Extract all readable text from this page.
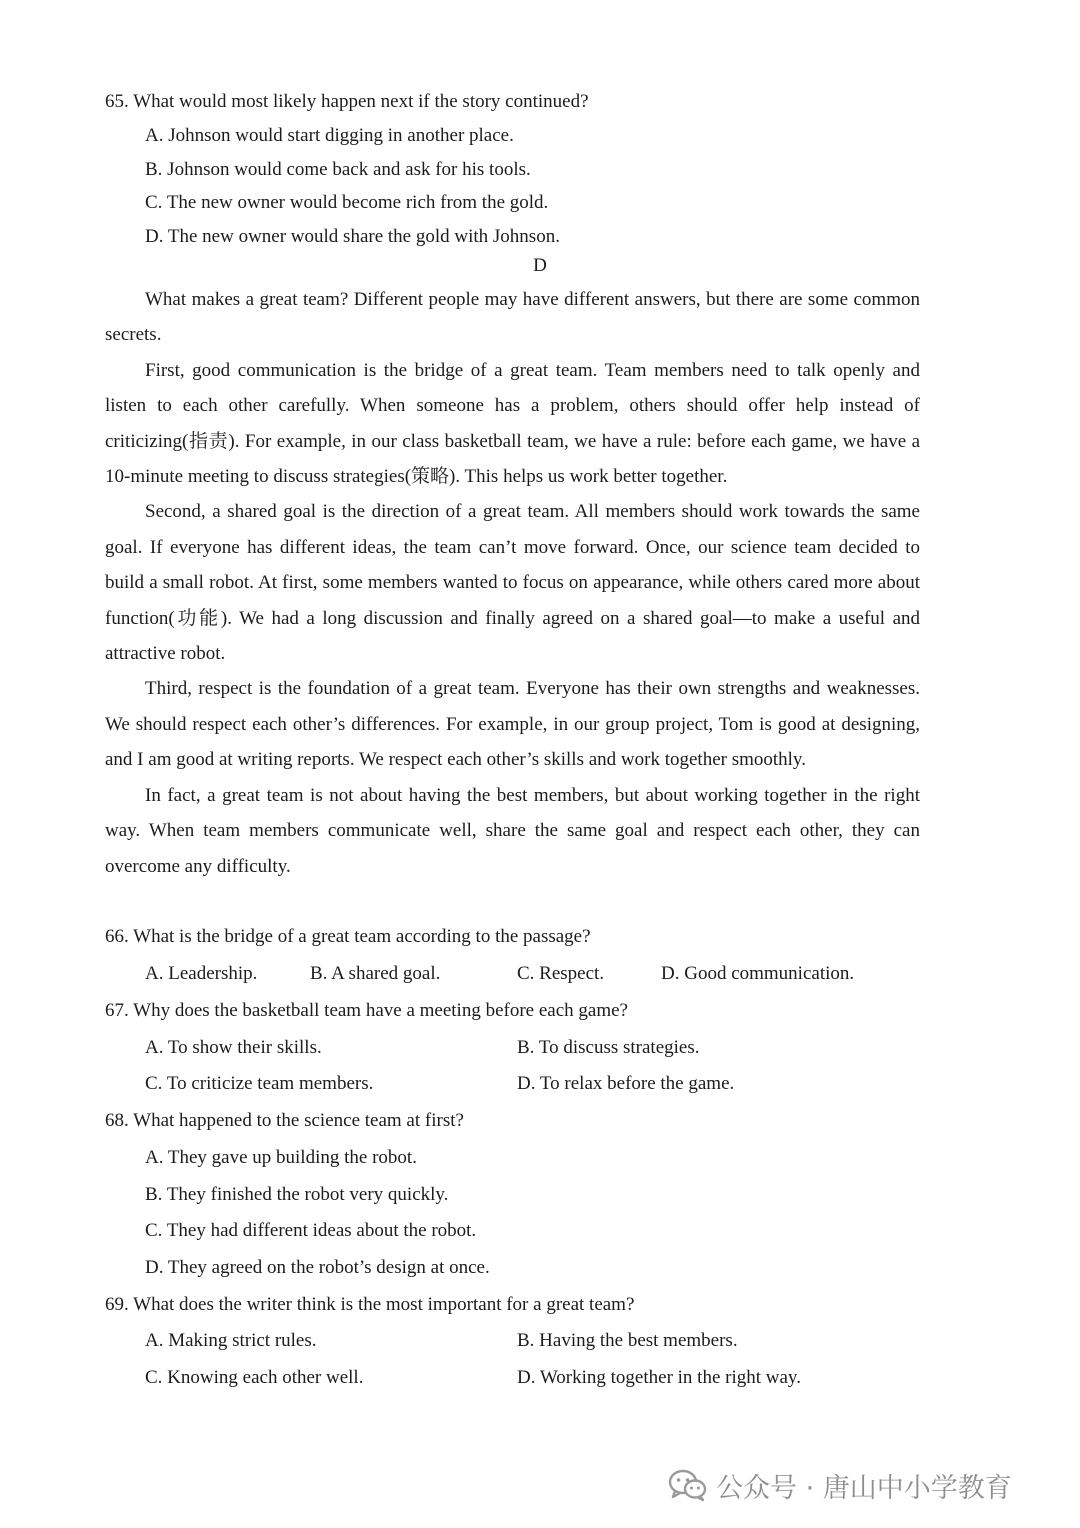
65. What would most likely happen next if the story continued?
A. Johnson would start digging in another place.
B. Johnson would come back and ask for his tools.
C. The new owner would become rich from the gold.
D. The new owner would share the gold with Johnson.
D

What makes a great team? Different people may have different answers, but there are some common secrets.

First, good communication is the bridge of a great team. Team members need to talk openly and listen to each other carefully. When someone has a problem, others should offer help instead of criticizing(指责). For example, in our class basketball team, we have a rule: before each game, we have a 10-minute meeting to discuss strategies(策略). This helps us work better together.

Second, a shared goal is the direction of a great team. All members should work towards the same goal. If everyone has different ideas, the team can’t move forward. Once, our science team decided to build a small robot. At first, some members wanted to focus on appearance, while others cared more about function(功能). We had a long discussion and finally agreed on a shared goal—to make a useful and attractive robot.

Third, respect is the foundation of a great team. Everyone has their own strengths and weaknesses. We should respect each other’s differences. For example, in our group project, Tom is good at designing, and I am good at writing reports. We respect each other’s skills and work together smoothly.

In fact, a great team is not about having the best members, but about working together in the right way. When team members communicate well, share the same goal and respect each other, they can overcome any difficulty.

66. What is the bridge of a great team according to the passage?
A. Leadership.	B. A shared goal.	C. Respect.	D. Good communication.
67. Why does the basketball team have a meeting before each game?
A. To show their skills.	B. To discuss strategies.
C. To criticize team members.	D. To relax before the game.
68. What happened to the science team at first?
A. They gave up building the robot.
B. They finished the robot very quickly.
C. They had different ideas about the robot.
D. They agreed on the robot’s design at once.
69. What does the writer think is the most important for a great team?
A. Making strict rules.	B. Having the best members.
C. Knowing each other well.	D. Working together in the right way.
公众号 · 唐山中小学教育
